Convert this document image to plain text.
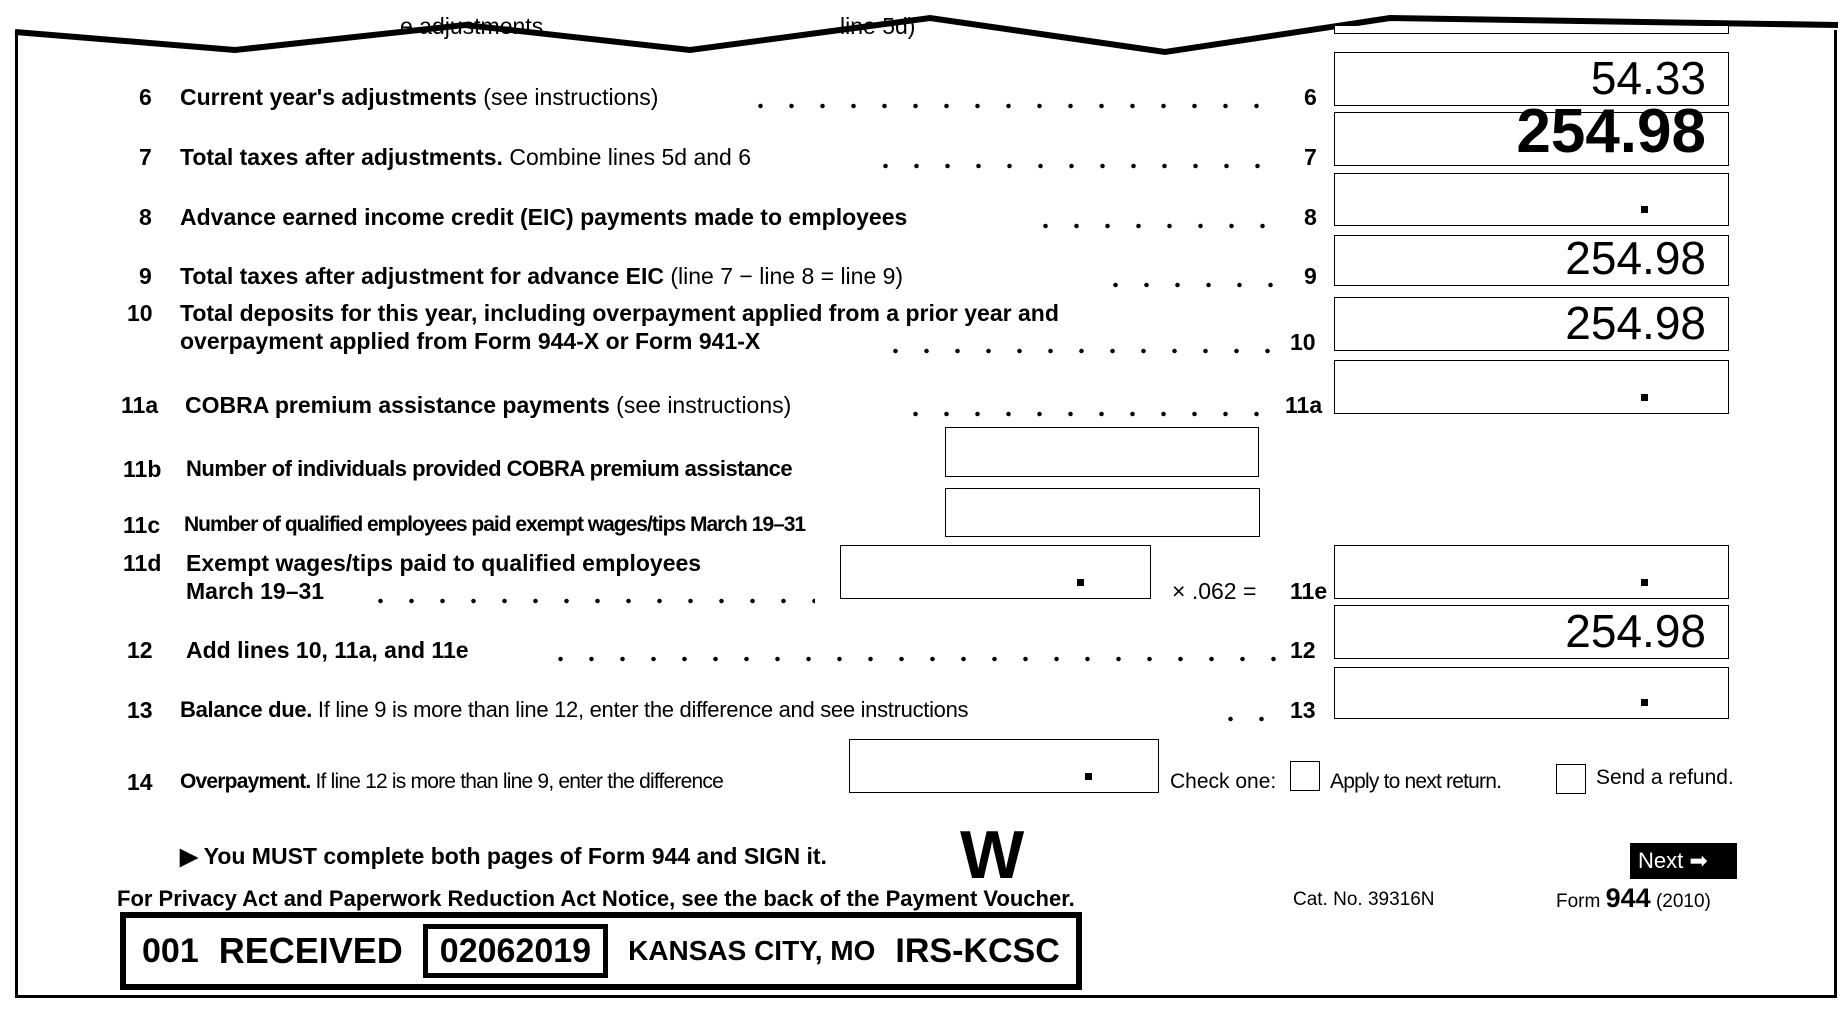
e adjustments	line 5d)
6 Current year's adjustments (see instructions)	6	54.33
7 Total taxes after adjustments. Combine lines 5d and 6	7	254.98
8 Advance earned income credit (EIC) payments made to employees	8
9 Total taxes after adjustment for advance EIC (line 7 − line 8 = line 9)	9	254.98
10 Total deposits for this year, including overpayment applied from a prior year and
overpayment applied from Form 944-X or Form 941-X	10	254.98
11a COBRA premium assistance payments (see instructions)	11a
11b Number of individuals provided COBRA premium assistance
11c Number of qualified employees paid exempt wages/tips March 19–31
11d Exempt wages/tips paid to qualified employees
March 19–31	× .062 = 11e
12 Add lines 10, 11a, and 11e	12	254.98
13 Balance due. If line 9 is more than line 12, enter the difference and see instructions	13
14 Overpayment. If line 12 is more than line 9, enter the difference	Check one:	Apply to next return.	Send a refund.
▶ You MUST complete both pages of Form 944 and SIGN it. W
For Privacy Act and Paperwork Reduction Act Notice, see the back of the Payment Voucher.	Cat. No. 39316N	Form 944 (2010)
Next ➡
001 RECEIVED	02062019	KANSAS CITY, MO IRS-KCSC
